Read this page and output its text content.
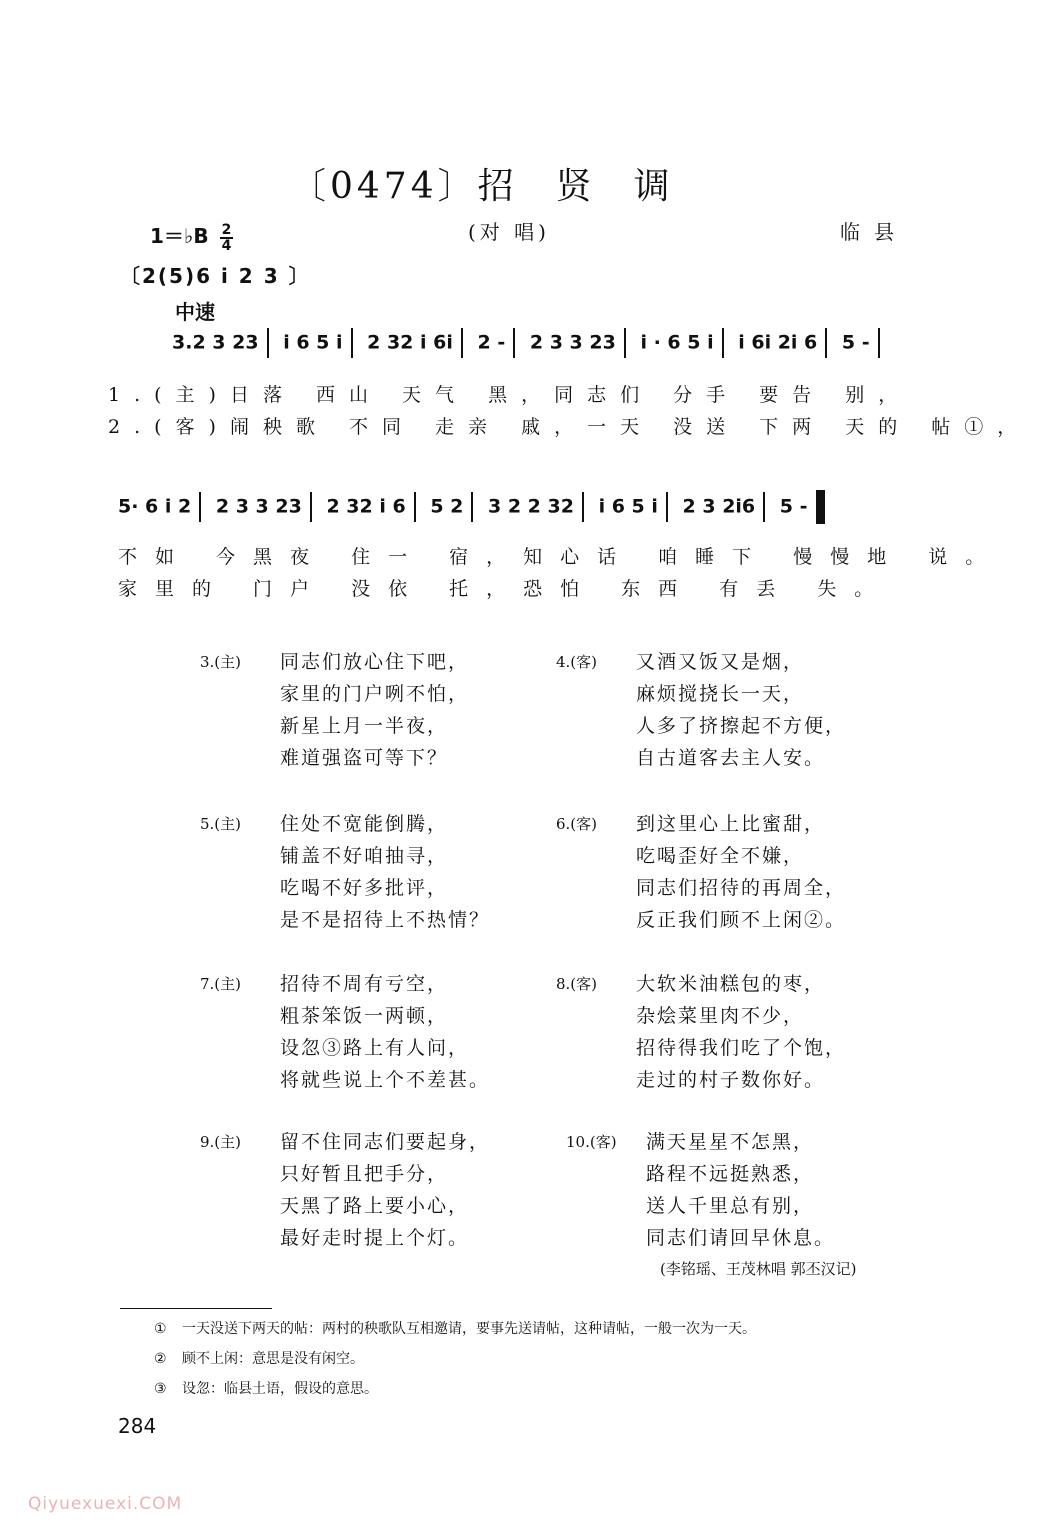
〔0474〕招贤调
1＝♭B $\frac{2}{4}$	(对 唱)	临县
〔2(5)6 i 2 3 〕
中速
3.2 3 23 i 6 5 i 2 32 i 6i 2 - 2 3 3 23 i · 6 5 i i 6i 2i 6 5 -
1.(主)日落 西山 天气 黑，同志们 分手 要告 别，
2.(客)闹秧歌 不同 走亲 戚，一天 没送 下两 天的 帖①，
5· 6 i 2 2 3 3 23 2 32 i 6 5 2 3 2 2 32 i 6 5 i 2 3 2i6 5 -
不如 今黑夜 住一 宿，知心话 咱睡下 慢慢地 说。
家里的 门户 没依 托，恐怕 东西 有丢 失。
3.(主) 同志们放心住下吧，
家里的门户咧不怕，
新星上月一半夜，
难道强盗可等下？
4.(客) 又酒又饭又是烟，
麻烦搅挠长一天，
人多了挤擦起不方便，
自古道客去主人安。
5.(主) 住处不宽能倒腾，
铺盖不好咱抽寻，
吃喝不好多批评，
是不是招待上不热情？
6.(客) 到这里心上比蜜甜，
吃喝歪好全不嫌，
同志们招待的再周全，
反正我们顾不上闲②。
7.(主) 招待不周有亏空，
粗茶笨饭一两顿，
设忽③路上有人问，
将就些说上个不差甚。
8.(客) 大软米油糕包的枣，
杂烩菜里肉不少，
招待得我们吃了个饱，
走过的村子数你好。
9.(主) 留不住同志们要起身，
只好暂且把手分，
天黑了路上要小心，
最好走时提上个灯。
10.(客) 满天星星不怎黑，
路程不远挺熟悉，
送人千里总有别，
同志们请回早休息。
(李铭瑶、王茂林唱 郭丕汉记)
① 一天没送下两天的帖：两村的秧歌队互相邀请，要事先送请帖，这种请帖，一般一次为一天。
② 顾不上闲：意思是没有闲空。
③ 设忽：临县土语，假设的意思。
284
Qiyuexuexi.COM
